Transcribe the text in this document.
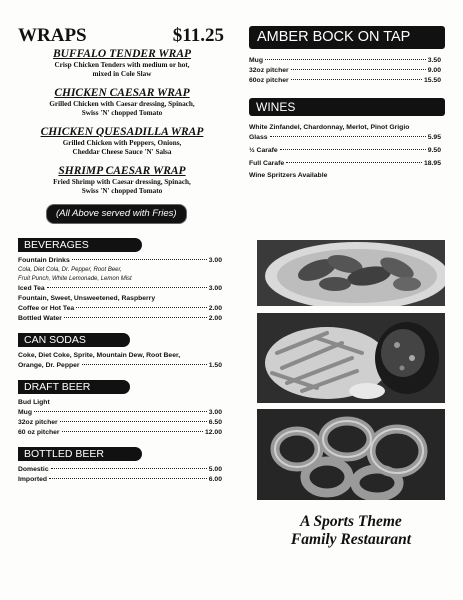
WRAPS	$11.25
BUFFALO TENDER WRAP
Crisp Chicken Tenders with medium or hot,
mixed in Cole Slaw
CHICKEN CAESAR WRAP
Grilled Chicken with Caesar dressing, Spinach,
Swiss 'N' chopped Tomato
CHICKEN QUESADILLA WRAP
Grilled Chicken with Peppers, Onions,
Cheddar Cheese Sauce 'N' Salsa
SHRIMP CAESAR WRAP
Fried Shrimp with Caesar dressing, Spinach,
Swiss 'N' chopped Tomato
(All Above served with Fries)
BEVERAGES
Fountain Drinks	3.00
Cola, Diet Cola, Dr. Pepper, Root Beer,
Fruit Punch, White Lemonade, Lemon Mist
Iced Tea	3.00
Fountain, Sweet, Unsweetened, Raspberry
Coffee or Hot Tea	2.00
Bottled Water	2.00
CAN SODAS
Coke, Diet Coke, Sprite, Mountain Dew, Root Beer,
Orange, Dr. Pepper	1.50
DRAFT BEER
Bud Light
Mug	3.00
32oz pitcher	6.50
60 oz pitcher	12.00
BOTTLED BEER
Domestic	5.00
Imported	6.00
AMBER BOCK ON TAP
Mug	3.50
32oz pitcher	9.00
60oz pitcher	15.50
WINES
White Zinfandel, Chardonnay, Merlot, Pinot Grigio
Glass	5.95
½ Carafe	9.50
Full Carafe	18.95
Wine Spritzers Available
A Sports Theme
Family Restaurant
